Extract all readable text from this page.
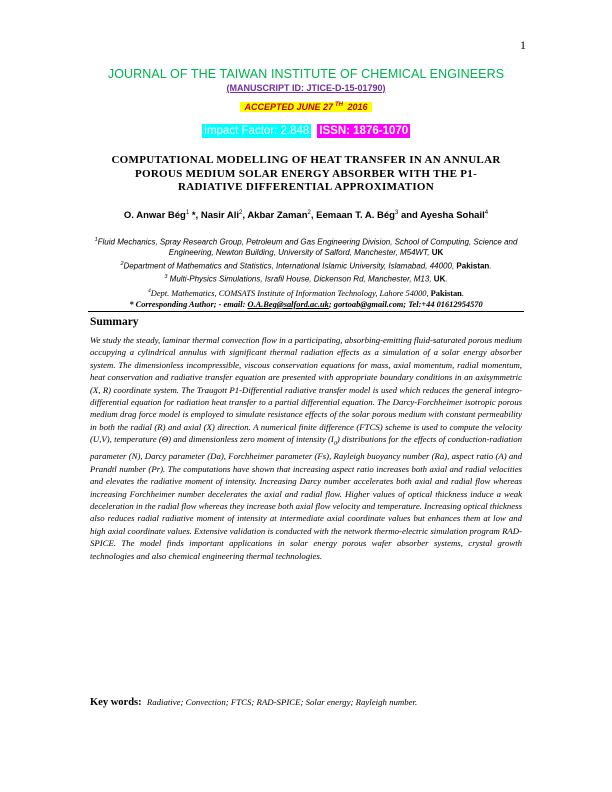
1
JOURNAL OF THE TAIWAN INSTITUTE OF CHEMICAL ENGINEERS
(MANUSCRIPT ID: JTICE-D-15-01790)
ACCEPTED JUNE 27 $^{TH}$ 2016
Impact Factor: 2.848 ISSN: 1876-1070
COMPUTATIONAL MODELLING OF HEAT TRANSFER IN AN ANNULAR
POROUS MEDIUM SOLAR ENERGY ABSORBER WITH THE P1-
RADIATIVE DIFFERENTIAL APPROXIMATION
O. Anwar Bég$^1$ *, Nasir Ali$^2$, Akbar Zaman$^2$, Eemaan T. A. Bég$^3$ and Ayesha Sohail$^4$
$^1$Fluid Mechanics, Spray Research Group, Petroleum and Gas Engineering Division, School of Computing, Science and Engineering, Newton Building, University of Salford, Manchester, M54WT, UK
$^2$Department of Mathematics and Statistics, International Islamic University, Islamabad, 44000, Pakistan.
$^3$ Multi-Physics Simulations, Israfil House, Dickenson Rd, Manchester, M13, UK.
$^4$Dept. Mathematics, COMSATS Institute of Information Technology, Lahore 54000, Pakistan.
* Corresponding Author; - email: O.A.Beg@salford.ac.uk; gortoab@gmail.com; Tel:+44 01612954570
Summary
We study the steady, laminar thermal convection flow in a participating, absorbing-emitting fluid-saturated porous medium occupying a cylindrical annulus with significant thermal radiation effects as a simulation of a solar energy absorber system. The dimensionless incompressible, viscous conservation equations for mass, axial momentum, radial momentum, heat conservation and radiative transfer equation are presented with appropriate boundary conditions in an axisymmetric (X, R) coordinate system. The Traugott P1-Differential radiative transfer model is used which reduces the general integro-differential equation for radiation heat transfer to a partial differential equation. The Darcy-Forchheimer isotropic porous medium drag force model is employed to simulate resistance effects of the solar porous medium with constant permeability in both the radial (R) and axial (X) direction. A numerical finite difference (FTCS) scheme is used to compute the velocity (U,V), temperature (Θ) and dimensionless zero moment of intensity $(I_0)$ distributions for the effects of conduction-radiation parameter (N), Darcy parameter (Da), Forchheimer parameter (Fs), Rayleigh buoyancy number (Ra), aspect ratio (A) and Prandtl number (Pr). The computations have shown that increasing aspect ratio increases both axial and radial velocities and elevates the radiative moment of intensity. Increasing Darcy number accelerates both axial and radial flow whereas increasing Forchheimer number decelerates the axial and radial flow. Higher values of optical thickness induce a weak deceleration in the radial flow whereas they increase both axial flow velocity and temperature. Increasing optical thickness also reduces radial radiative moment of intensity at intermediate axial coordinate values but enhances them at low and high axial coordinate values. Extensive validation is conducted with the network thermo-electric simulation program RAD-SPICE. The model finds important applications in solar energy porous wafer absorber systems, crystal growth technologies and also chemical engineering thermal technologies.
Key words: Radiative; Convection; FTCS; RAD-SPICE; Solar energy; Rayleigh number.
